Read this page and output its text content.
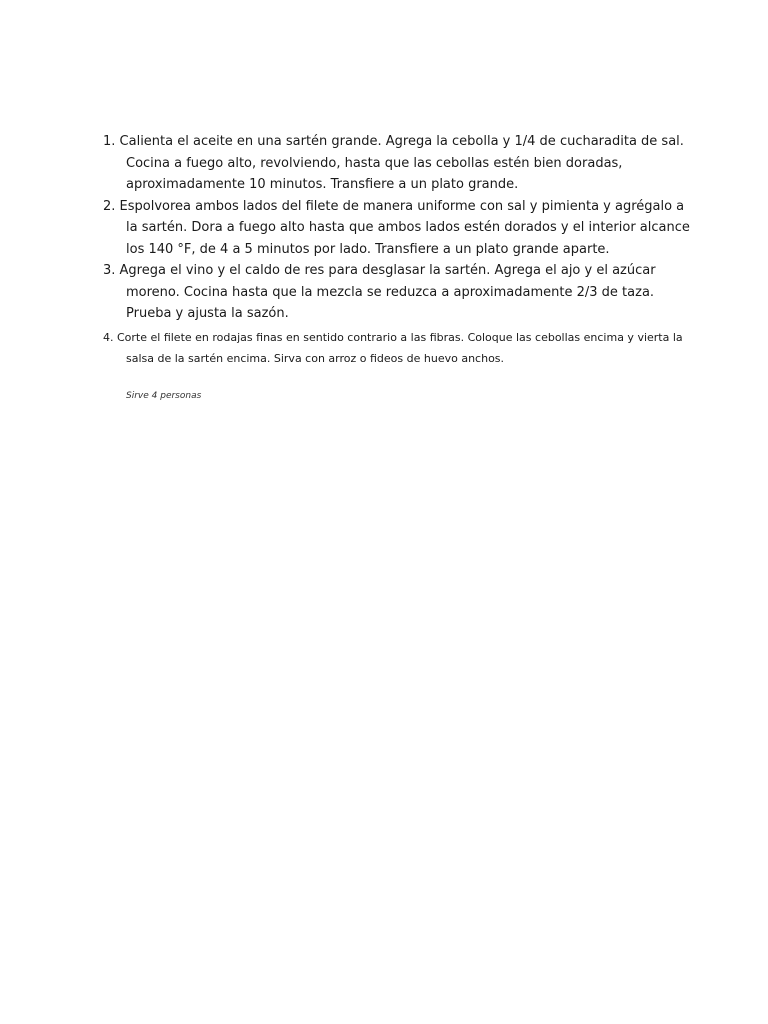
1. Calienta el aceite en una sartén grande. Agrega la cebolla y 1/4 de cucharadita de sal. Cocina a fuego alto, revolviendo, hasta que las cebollas estén bien doradas, aproximadamente 10 minutos. Transfiere a un plato grande.

2. Espolvorea ambos lados del filete de manera uniforme con sal y pimienta y agrégalo a la sartén. Dora a fuego alto hasta que ambos lados estén dorados y el interior alcance los 140 °F, de 4 a 5 minutos por lado. Transfiere a un plato grande aparte.

3. Agrega el vino y el caldo de res para desglasar la sartén. Agrega el ajo y el azúcar moreno. Cocina hasta que la mezcla se reduzca a aproximadamente 2/3 de taza. Prueba y ajusta la sazón.

4. Corte el filete en rodajas finas en sentido contrario a las fibras. Coloque las cebollas encima y vierta la salsa de la sartén encima. Sirva con arroz o fideos de huevo anchos.

Sirve 4 personas
